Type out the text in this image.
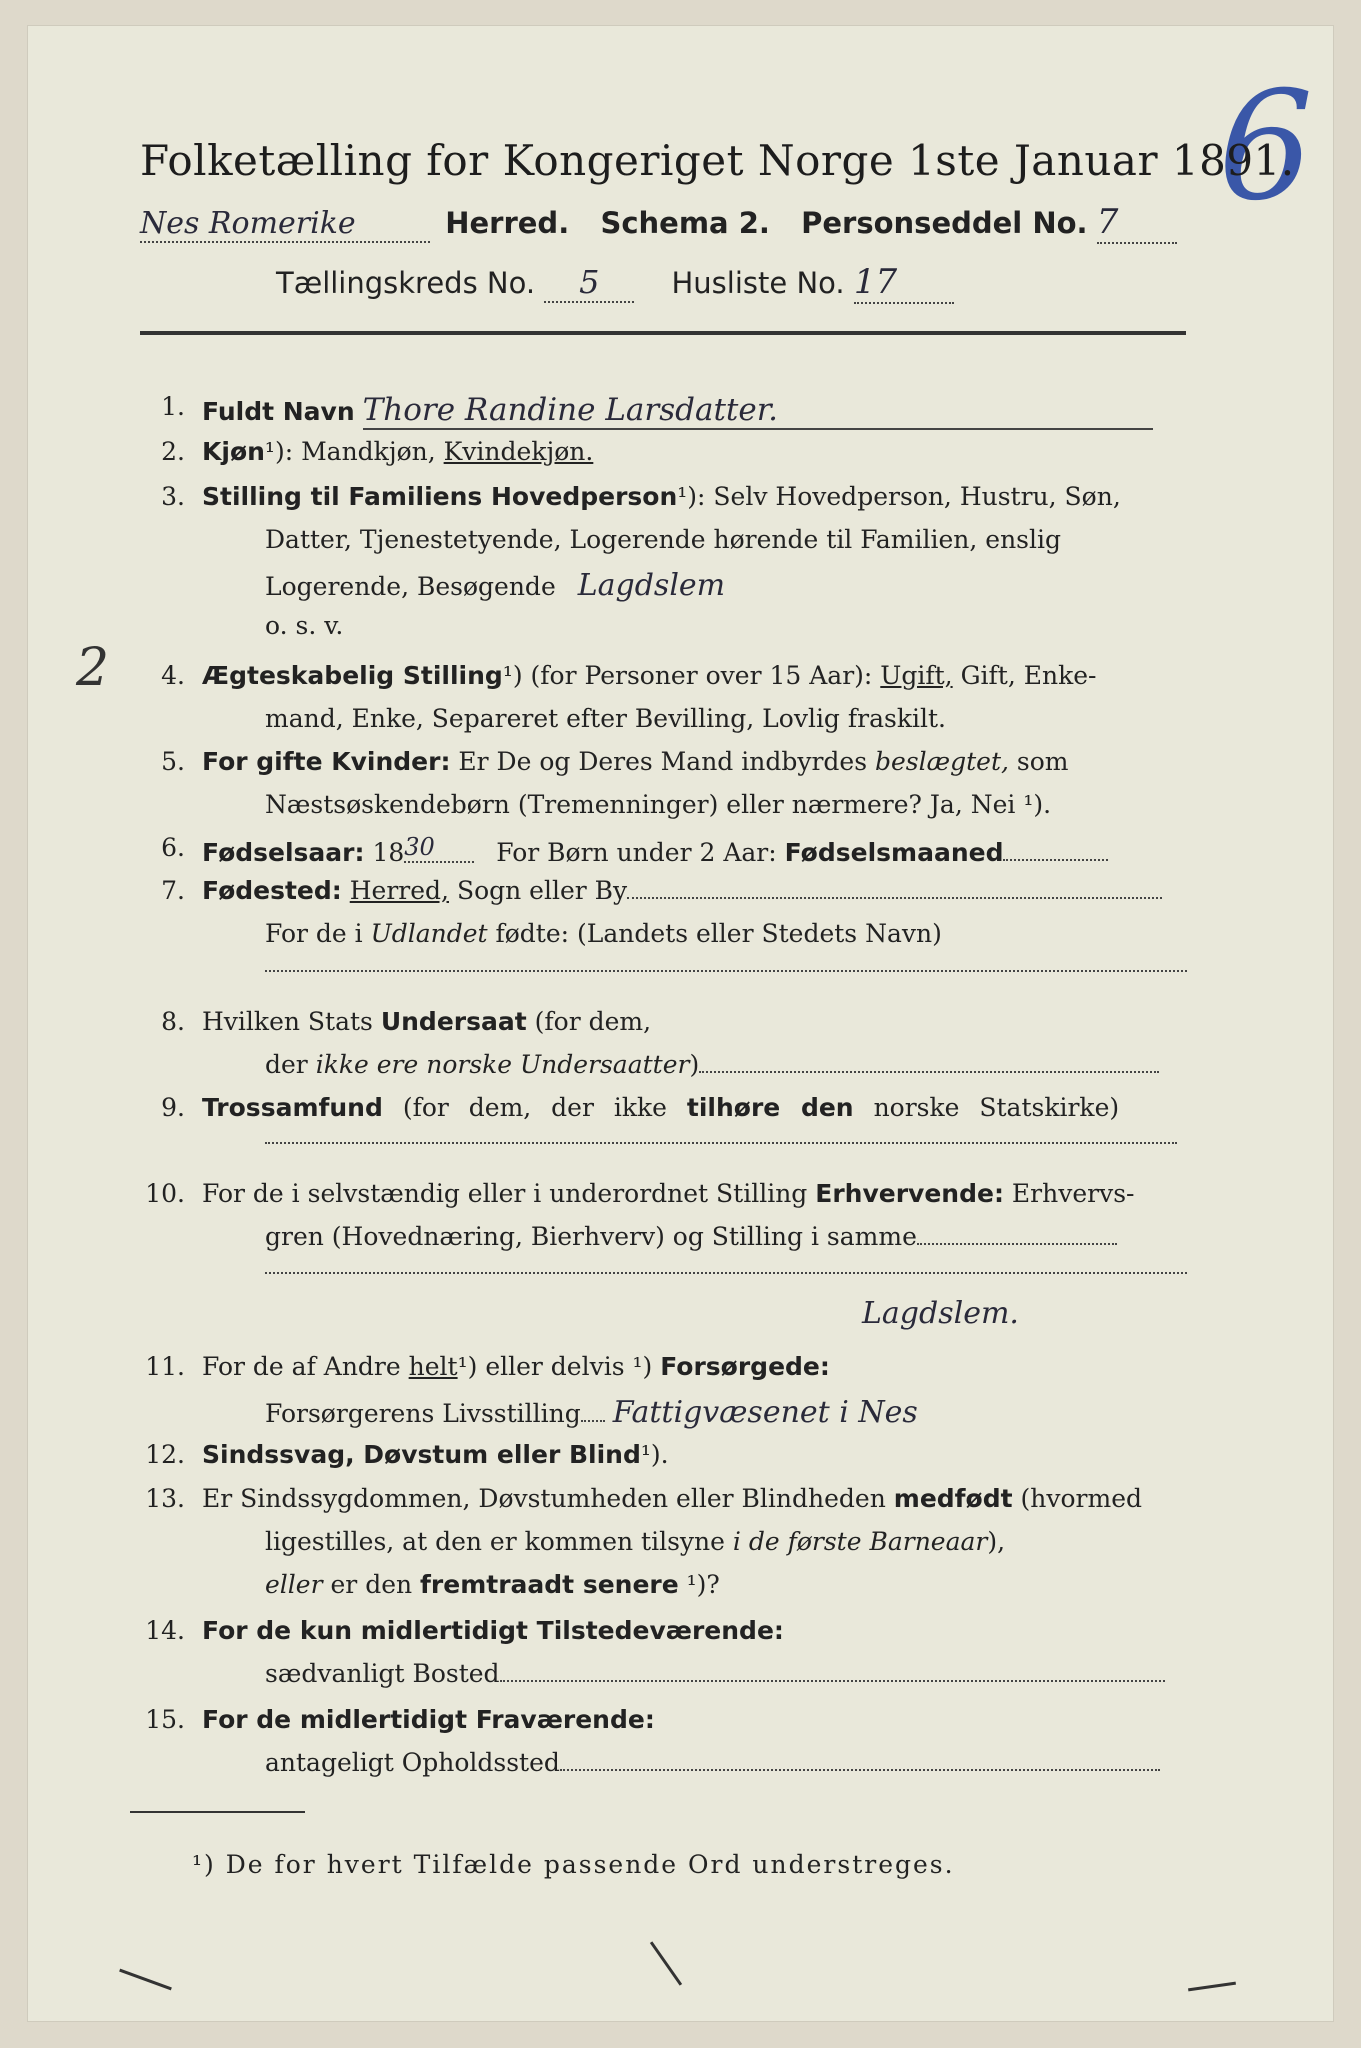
6
Folketælling for Kongeriget Norge 1ste Januar 1891.
Nes Romerike	Herred. Schema 2. Personseddel No. 7
Tællingskreds No. 5 Husliste No. 17
2
1. Fuldt Navn Thore Randine Larsdatter.
2. Kjøn¹): Mandkjøn, Kvindekjøn.
3. Stilling til Familiens Hovedperson¹): Selv Hovedperson, Hustru, Søn,
Datter, Tjenestetyende, Logerende hørende til Familien, enslig
Logerende, Besøgende Lagdslem
o. s. v.
4. Ægteskabelig Stilling¹) (for Personer over 15 Aar): Ugift, Gift, Enke-
mand, Enke, Separeret efter Bevilling, Lovlig fraskilt.
5. For gifte Kvinder: Er De og Deres Mand indbyrdes beslægtet, som
Næstsøskendebørn (Tremenninger) eller nærmere? Ja, Nei ¹).
6. Fødselsaar: 1830 For Børn under 2 Aar: Fødselsmaaned
7. Fødested: Herred, Sogn eller By
For de i Udlandet fødte: (Landets eller Stedets Navn)
8. Hvilken Stats Undersaat (for dem,
der ikke ere norske Undersaatter)
9. Trossamfund (for dem, der ikke tilhøre den norske Statskirke)
10. For de i selvstændig eller i underordnet Stilling Erhvervende: Erhvervs-
gren (Hovednæring, Bierhverv) og Stilling i samme
Lagdslem.
11. For de af Andre helt¹) eller delvis ¹) Forsørgede:
Forsørgerens Livsstilling Fattigvæsenet i Nes
12. Sindssvag, Døvstum eller Blind¹).
13. Er Sindssygdommen, Døvstumheden eller Blindheden medfødt (hvormed
ligestilles, at den er kommen tilsyne i de første Barneaar),
eller er den fremtraadt senere ¹)?
14. For de kun midlertidigt Tilstedeværende:
sædvanligt Bosted
15. For de midlertidigt Fraværende:
antageligt Opholdssted
¹) De for hvert Tilfælde passende Ord understreges.
